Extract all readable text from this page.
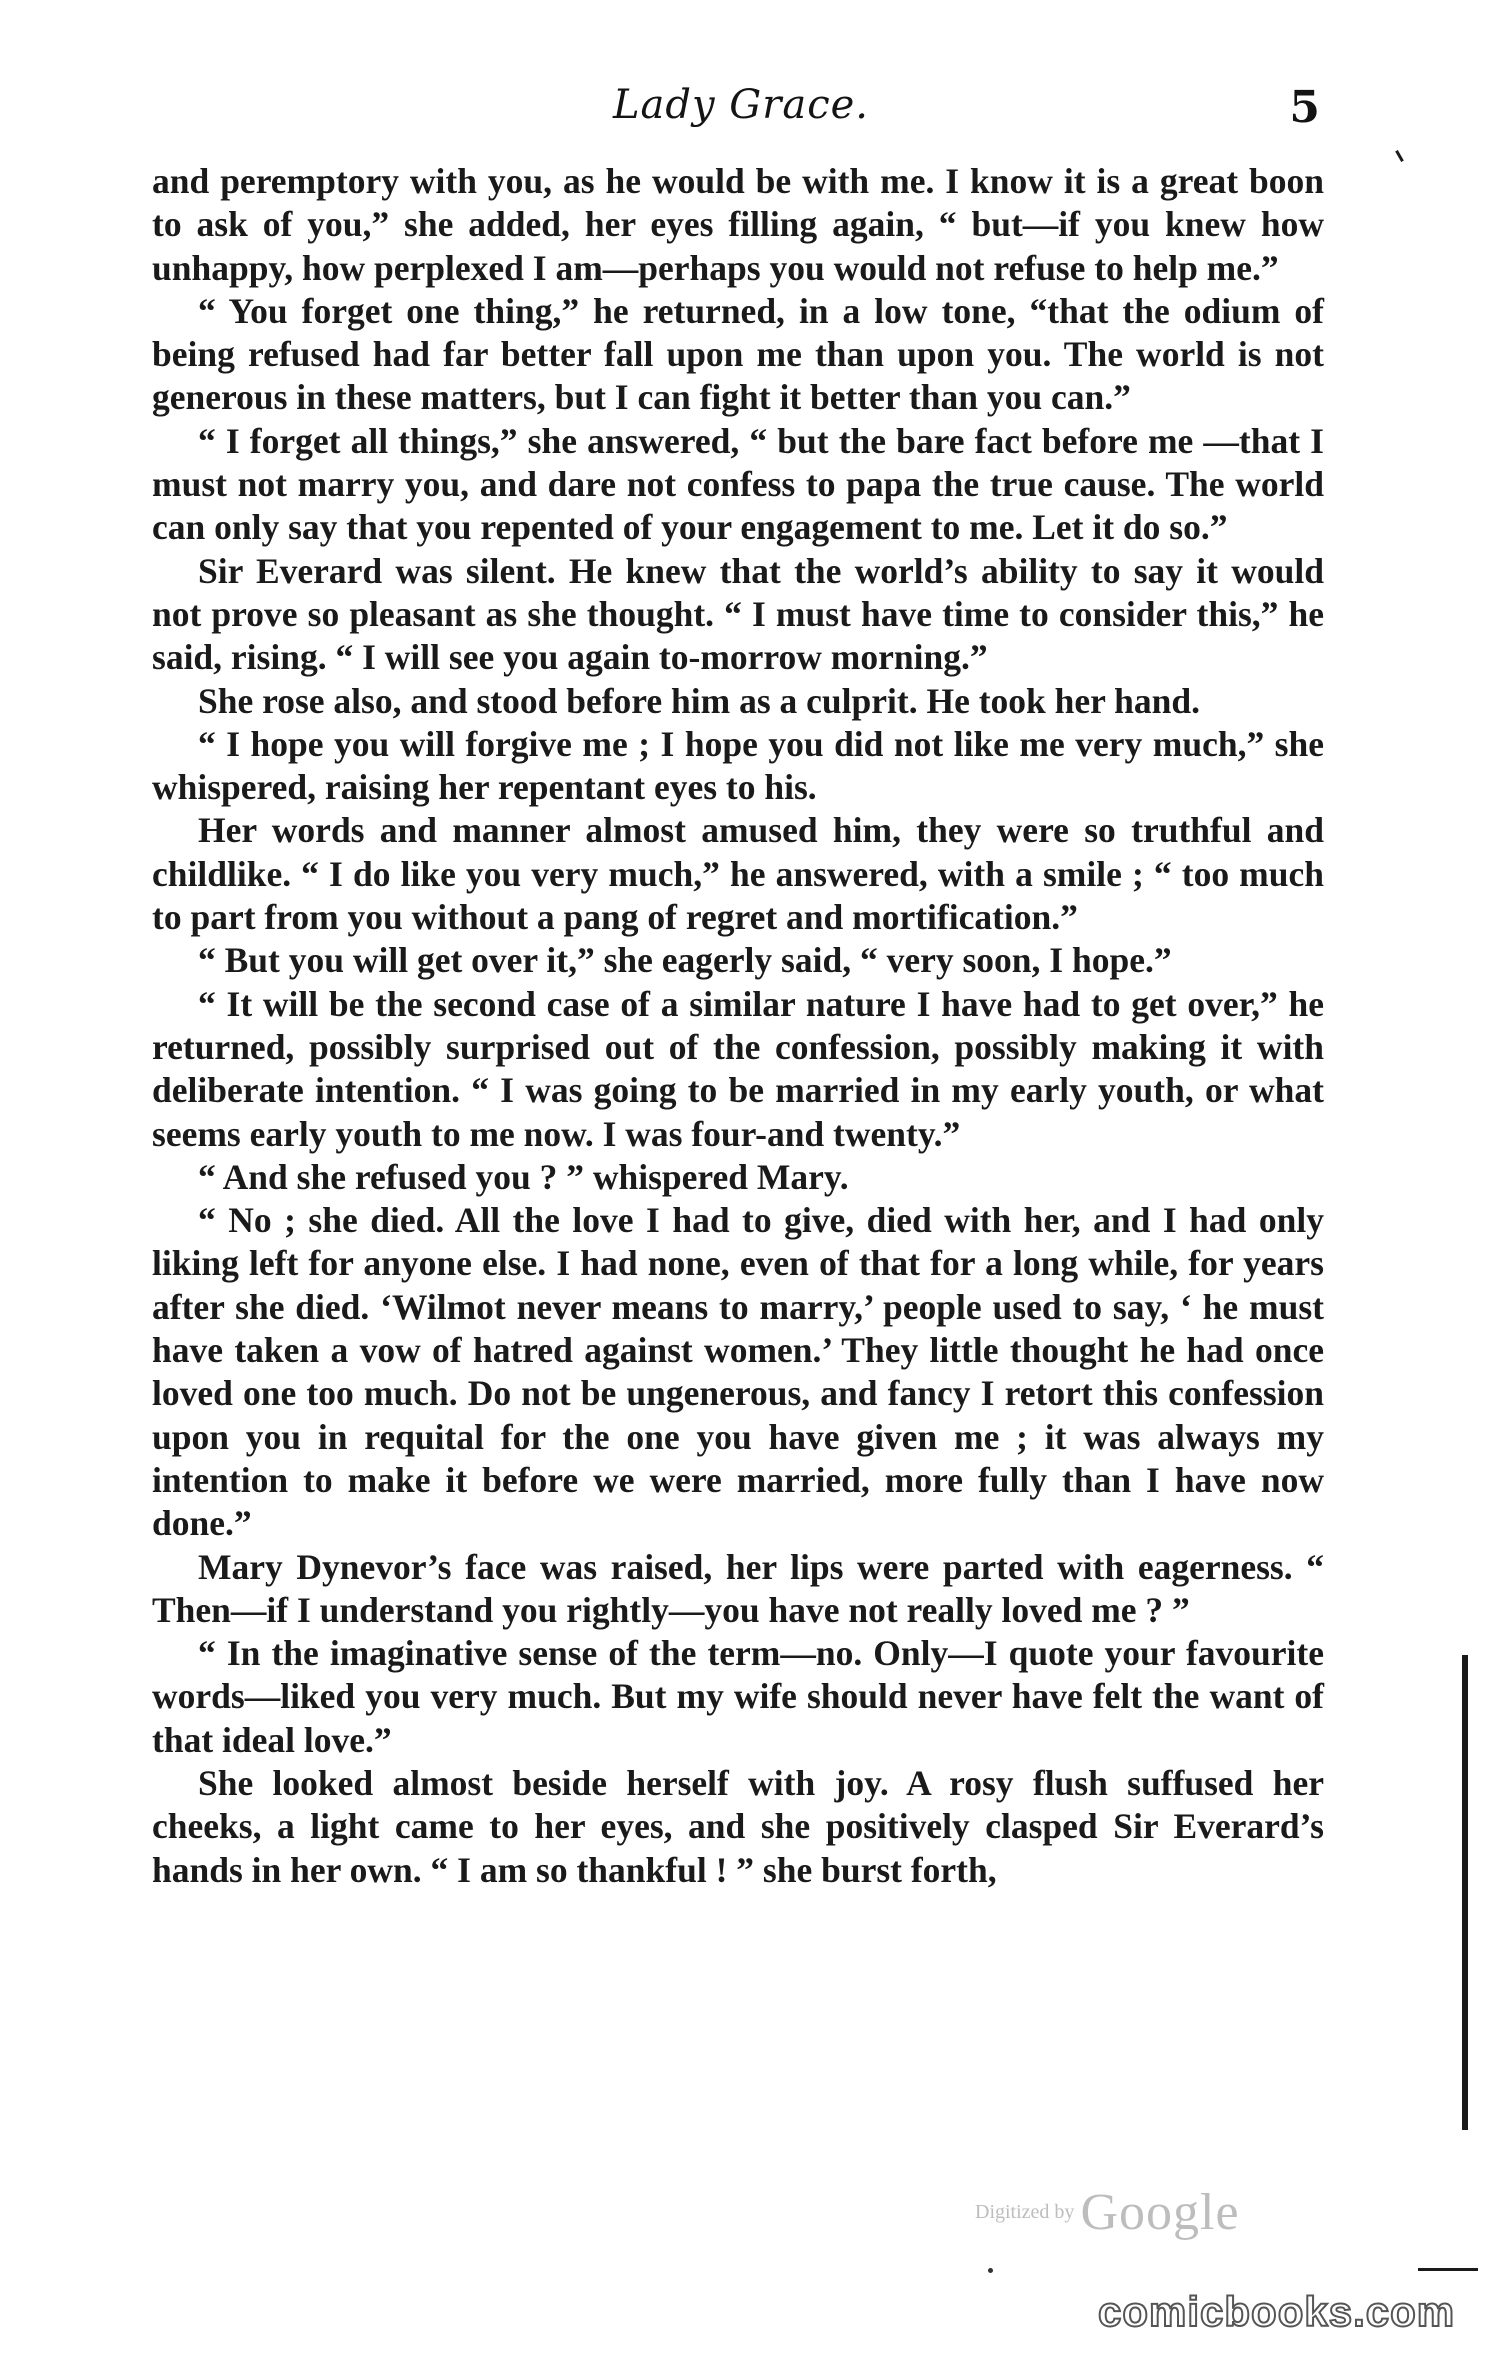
Lady Grace.	5

and peremptory with you, as he would be with me. I know it is a great boon to ask of you,” she added, her eyes filling again, “ but—if you knew how unhappy, how perplexed I am—perhaps you would not refuse to help me.”

“ You forget one thing,” he returned, in a low tone, “that the odium of being refused had far better fall upon me than upon you. The world is not generous in these matters, but I can fight it better than you can.”

“ I forget all things,” she answered, “ but the bare fact before me —that I must not marry you, and dare not confess to papa the true cause. The world can only say that you repented of your engagement to me. Let it do so.”

Sir Everard was silent. He knew that the world’s ability to say it would not prove so pleasant as she thought. “ I must have time to consider this,” he said, rising. “ I will see you again to-morrow morning.”

She rose also, and stood before him as a culprit. He took her hand.

“ I hope you will forgive me ; I hope you did not like me very much,” she whispered, raising her repentant eyes to his.

Her words and manner almost amused him, they were so truthful and childlike. “ I do like you very much,” he answered, with a smile ; “ too much to part from you without a pang of regret and mortification.”

“ But you will get over it,” she eagerly said, “ very soon, I hope.”

“ It will be the second case of a similar nature I have had to get over,” he returned, possibly surprised out of the confession, possibly making it with deliberate intention. “ I was going to be married in my early youth, or what seems early youth to me now. I was four-and twenty.”

“ And she refused you ? ” whispered Mary.

“ No ; she died. All the love I had to give, died with her, and I had only liking left for anyone else. I had none, even of that for a long while, for years after she died. ‘Wilmot never means to marry,’ people used to say, ‘ he must have taken a vow of hatred against women.’ They little thought he had once loved one too much. Do not be ungenerous, and fancy I retort this confession upon you in requital for the one you have given me ; it was always my intention to make it before we were married, more fully than I have now done.”

Mary Dynevor’s face was raised, her lips were parted with eagerness. “ Then—if I understand you rightly—you have not really loved me ? ”

“ In the imaginative sense of the term—no. Only—I quote your favourite words—liked you very much. But my wife should never have felt the want of that ideal love.”

She looked almost beside herself with joy. A rosy flush suffused her cheeks, a light came to her eyes, and she positively clasped Sir Everard’s hands in her own. “ I am so thankful ! ” she burst forth,

Digitized by Google
comicbooks.com
